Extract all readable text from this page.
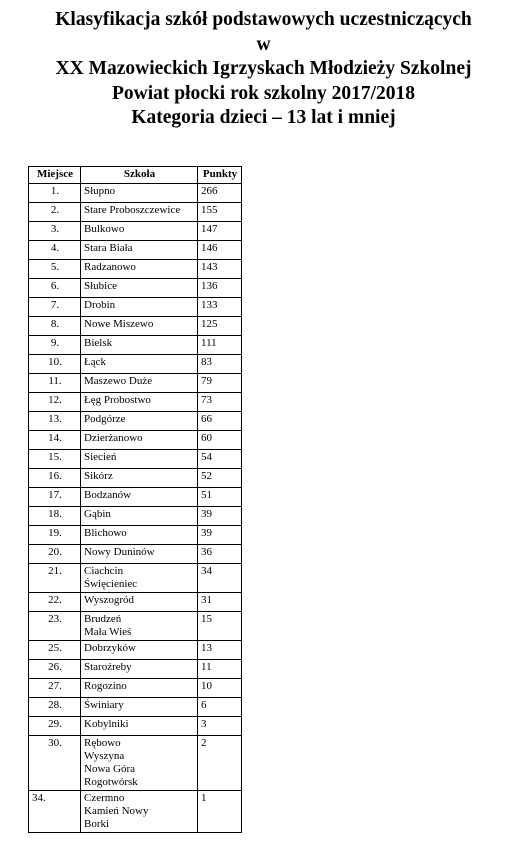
Klasyfikacja szkół podstawowych uczestniczących
w
XX Mazowieckich Igrzyskach Młodzieży Szkolnej
Powiat płocki rok szkolny 2017/2018
Kategoria dzieci – 13 lat i mniej
Miejsce	Szkoła	Punkty
1.	Słupno	266
2.	Stare Proboszczewice	155
3.	Bulkowo	147
4.	Stara Biała	146
5.	Radzanowo	143
6.	Słubice	136
7.	Drobin	133
8.	Nowe Miszewo	125
9.	Bielsk	111
10.	Łąck	83
11.	Maszewo Duże	79
12.	Łęg Probostwo	73
13.	Podgórze	66
14.	Dzierżanowo	60
15.	Siecień	54
16.	Sikórz	52
17.	Bodzanów	51
18.	Gąbin	39
19.	Blichowo	39
20.	Nowy Duninów	36
21.	Ciachcin
Święcieniec	34
22.	Wyszogród	31
23.	Brudzeń
Mała Wieś	15
25.	Dobrzyków	13
26.	Staroźreby	11
27.	Rogozino	10
28.	Świniary	6
29.	Kobylniki	3
30.	Rębowo
Wyszyna
Nowa Góra
Rogotwórsk	2
34.	Czermno
Kamień Nowy
Borki	1
